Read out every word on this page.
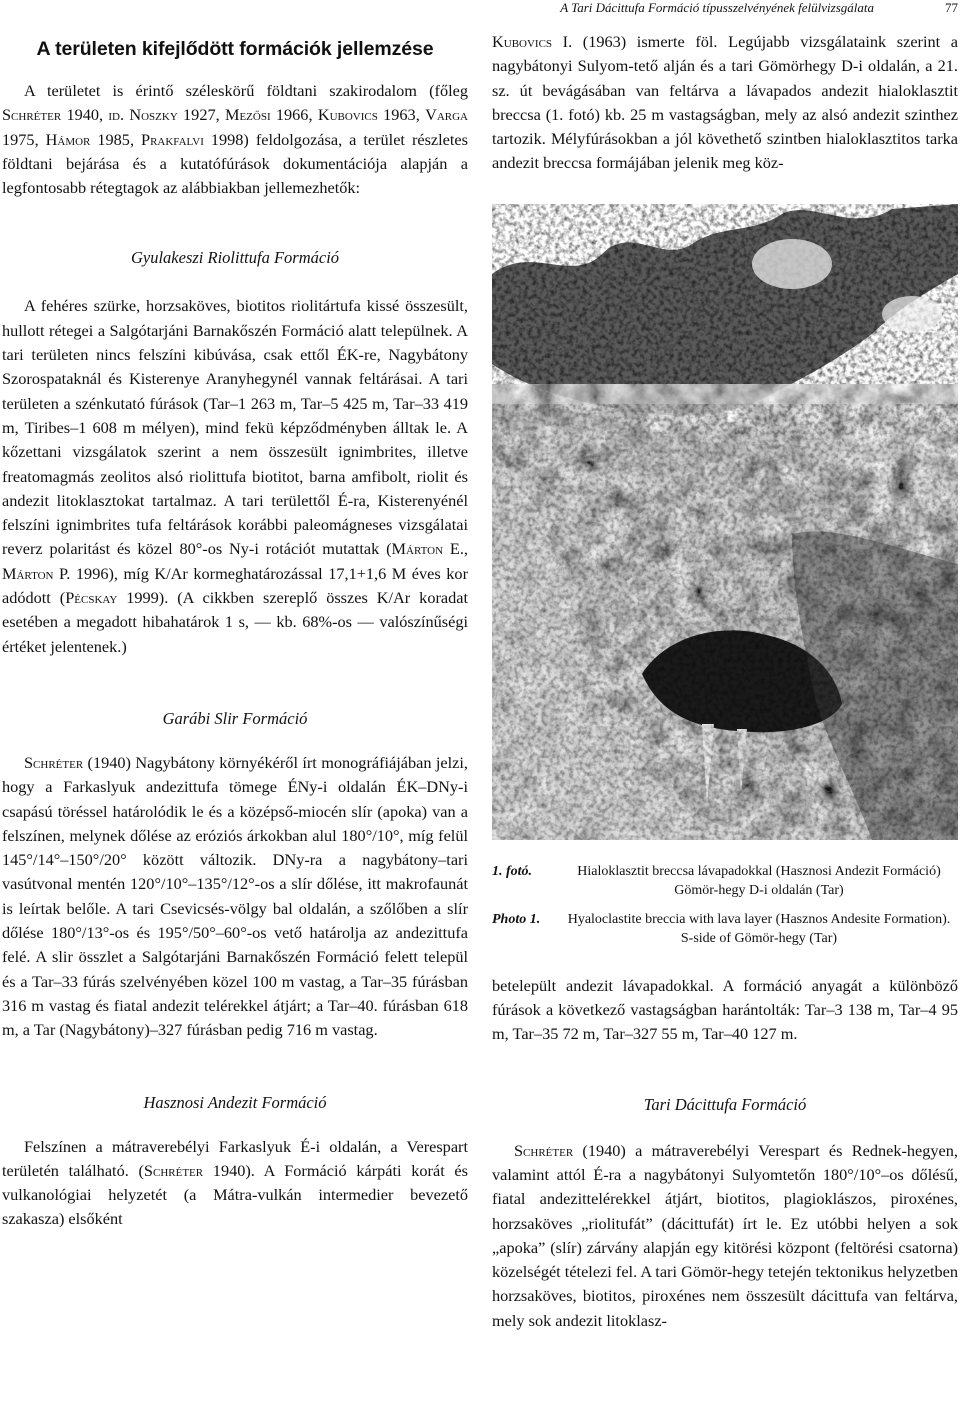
A Tari Dácittufa Formáció típusszelvényének felülvizsgálata	77
A területen kifejlődött formációk jellemzése

A területet is érintő széleskörű földtani szakirodalom (főleg Schréter 1940, id. Noszky 1927, Mezősi 1966, Kubovics 1963, Varga 1975, Hámor 1985, Prakfalvi 1998) feldolgozása, a terület részletes földtani bejárása és a kutatófúrások dokumentációja alapján a legfontosabb rétegtagok az alábbiakban jellemezhetők:

Gyulakeszi Riolittufa Formáció

A fehéres szürke, horzsaköves, biotitos riolitártufa kissé összesült, hullott rétegei a Salgótarjáni Barnakőszén Formáció alatt települnek. A tari területen nincs felszíni kibúvása, csak ettől ÉK-re, Nagybátony Szorospataknál és Kisterenye Aranyhegynél vannak feltárásai. A tari területen a szénkutató fúrások (Tar–1 263 m, Tar–5 425 m, Tar–33 419 m, Tiribes–1 608 m mélyen), mind fekü képződményben álltak le. A kőzettani vizsgálatok szerint a nem összesült ignimbrites, illetve freatomagmás zeolitos alsó riolittufa biotitot, barna amfibolt, riolit és andezit litoklasztokat tartalmaz. A tari területtől É-ra, Kisterenyénél felszíni ignimbrites tufa feltárások korábbi paleomágneses vizsgálatai reverz polaritást és közel 80°-os Ny-i rotációt mutattak (Márton E., Márton P. 1996), míg K/Ar kormeghatározással 17,1+1,6 M éves kor adódott (Pécskay 1999). (A cikkben szereplő összes K/Ar koradat esetében a megadott hibahatárok 1 s, — kb. 68%-os — valószínűségi értéket jelentenek.)

Garábi Slir Formáció

Schréter (1940) Nagybátony környékéről írt monográfiájában jelzi, hogy a Farkaslyuk andezittufa tömege ÉNy-i oldalán ÉK–DNy-i csapású töréssel határolódik le és a középső-miocén slír (apoka) van a felszínen, melynek dőlése az eróziós árkokban alul 180°/10°, míg felül 145°/14°–150°/20° között változik. DNy-ra a nagybátony–tari vasútvonal mentén 120°/10°–135°/12°-os a slír dőlése, itt makrofaunát is leírtak belőle. A tari Csevicsés-völgy bal oldalán, a szőlőben a slír dőlése 180°/13°-os és 195°/50°–60°-os vető határolja az andezittufa felé. A slir összlet a Salgótarjáni Barnakőszén Formáció felett települ és a Tar–33 fúrás szelvényében közel 100 m vastag, a Tar–35 fúrásban 316 m vastag és fiatal andezit telérekkel átjárt; a Tar–40. fúrásban 618 m, a Tar (Nagybátony)–327 fúrásban pedig 716 m vastag.

Hasznosi Andezit Formáció

Felszínen a mátraverebélyi Farkaslyuk É-i oldalán, a Verespart területén található. (Schréter 1940). A Formáció kárpáti korát és vulkanológiai helyzetét (a Mátra-vulkán intermedier bevezető szakasza) elsőként

Kubovics I. (1963) ismerte föl. Legújabb vizsgálataink szerint a nagybátonyi Sulyom-tető alján és a tari Gömörhegy D-i oldalán, a 21. sz. út bevágásában van feltárva a lávapados andezit hialoklasztit breccsa (1. fotó) kb. 25 m vastagságban, mely az alsó andezit szinthez tartozik. Mélyfúrásokban a jól követhető szintben hialoklasztitos tarka andezit breccsa formájában jelenik meg köz-

1. fotó.	Hialoklasztit breccsa lávapadokkal (Hasznosi Andezit Formáció) Gömör-hegy D-i oldalán (Tar)
Photo 1.	Hyaloclastite breccia with lava layer (Hasznos Andesite Formation). S-side of Gömör-hegy (Tar)

betelepült andezit lávapadokkal. A formáció anyagát a különböző fúrások a következő vastagságban harántolták: Tar–3 138 m, Tar–4 95 m, Tar–35 72 m, Tar–327 55 m, Tar–40 127 m.

Tari Dácittufa Formáció

Schréter (1940) a mátraverebélyi Verespart és Rednek-hegyen, valamint attól É-ra a nagybátonyi Sulyomtetőn 180°/10°–os dőlésű, fiatal andezittelérekkel átjárt, biotitos, plagioklászos, piroxénes, horzsaköves „riolitufát” (dácittufát) írt le. Ez utóbbi helyen a sok „apoka” (slír) zárvány alapján egy kitörési központ (feltörési csatorna) közelségét tételezi fel. A tari Gömör-hegy tetején tektonikus helyzetben horzsaköves, biotitos, piroxénes nem összesült dácittufa van feltárva, mely sok andezit litoklasz-
